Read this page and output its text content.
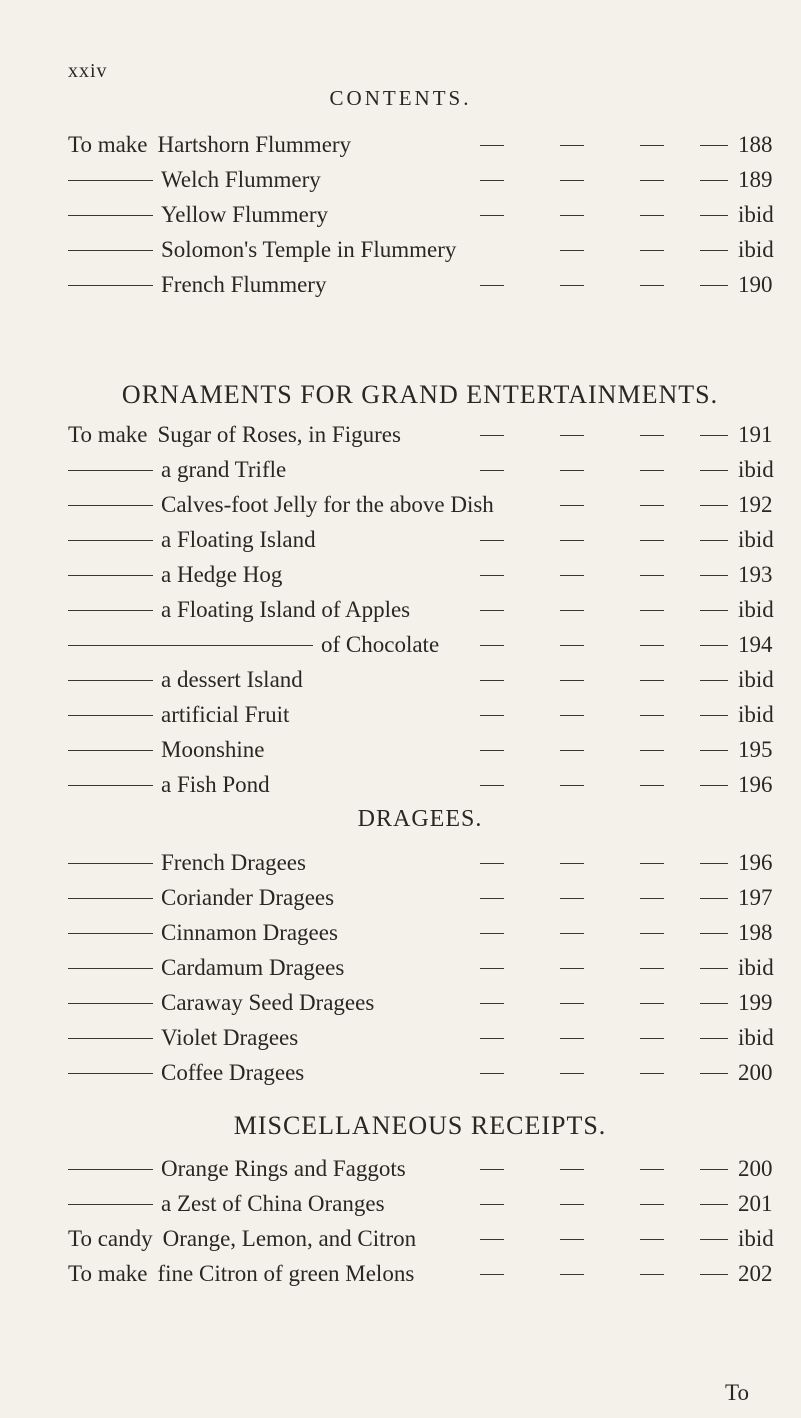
xxiv
CONTENTS.
ORNAMENTS FOR GRAND ENTERTAINMENTS.
DRAGEES.
MISCELLANEOUS RECEIPTS.
To make Hartshorn Flummery	188
Welch Flummery	189
Yellow Flummery	ibid
Solomon's Temple in Flummery	ibid
French Flummery	190
To make Sugar of Roses, in Figures	191
a grand Trifle	ibid
Calves-foot Jelly for the above Dish	192
a Floating Island	ibid
a Hedge Hog	193
a Floating Island of Apples	ibid
of Chocolate	194
a dessert Island	ibid
artificial Fruit	ibid
Moonshine	195
a Fish Pond	196
French Dragees	196
Coriander Dragees	197
Cinnamon Dragees	198
Cardamum Dragees	ibid
Caraway Seed Dragees	199
Violet Dragees	ibid
Coffee Dragees	200
Orange Rings and Faggots	200
a Zest of China Oranges	201
To candy Orange, Lemon, and Citron	ibid
To make fine Citron of green Melons	202
To
